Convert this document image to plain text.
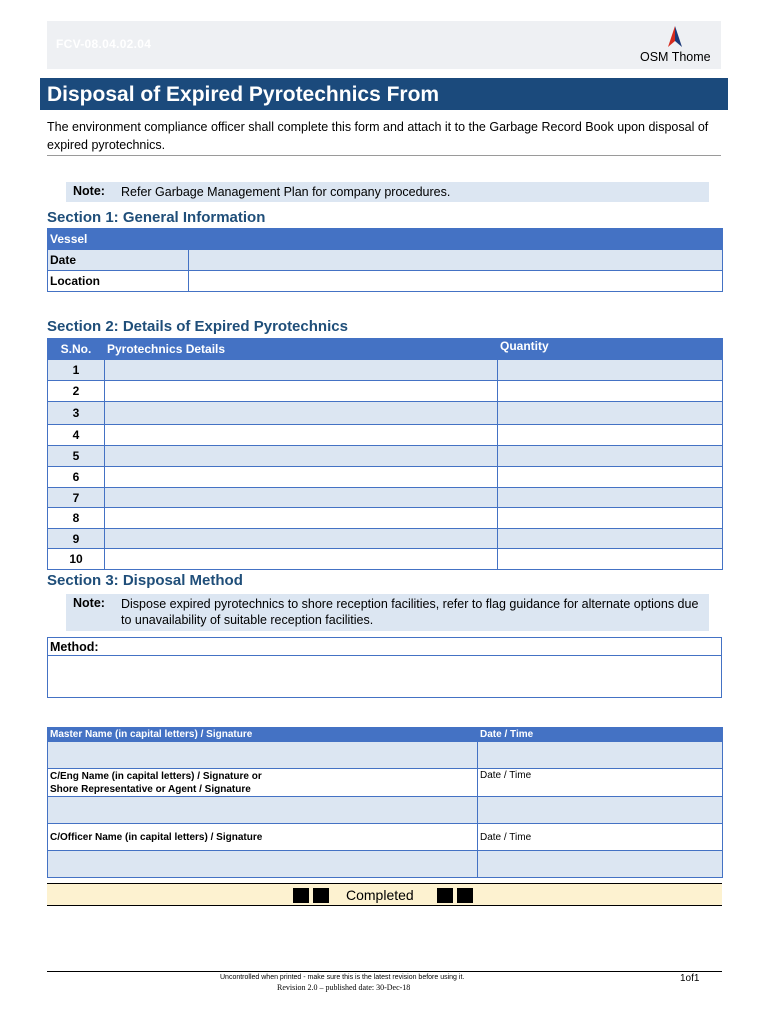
FCV-08.04.02.04
OSM Thome
Disposal of Expired Pyrotechnics From
The environment compliance officer shall complete this form and attach it to the Garbage Record Book upon disposal of expired pyrotechnics.
Note: Refer Garbage Management Plan for company procedures.
Section 1: General Information
Vessel	
Date	
Location	
Section 2: Details of Expired Pyrotechnics
S.No.	Pyrotechnics Details	Quantity
1		
2		
3		
4		
5		
6		
7		
8		
9		
10		
Section 3: Disposal Method
Note: Dispose expired pyrotechnics to shore reception facilities, refer to flag guidance for alternate options due to unavailability of suitable reception facilities.
Method:

Master Name (in capital letters) / Signature	Date / Time

C/Eng Name (in capital letters) / Signature or
Shore Representative or Agent / Signature	Date / Time

C/Officer Name (in capital letters) / Signature	Date / Time

Completed
Uncontrolled when printed - make sure this is the latest revision before using it.
Revision 2.0 – published date: 30-Dec-18
1of1
